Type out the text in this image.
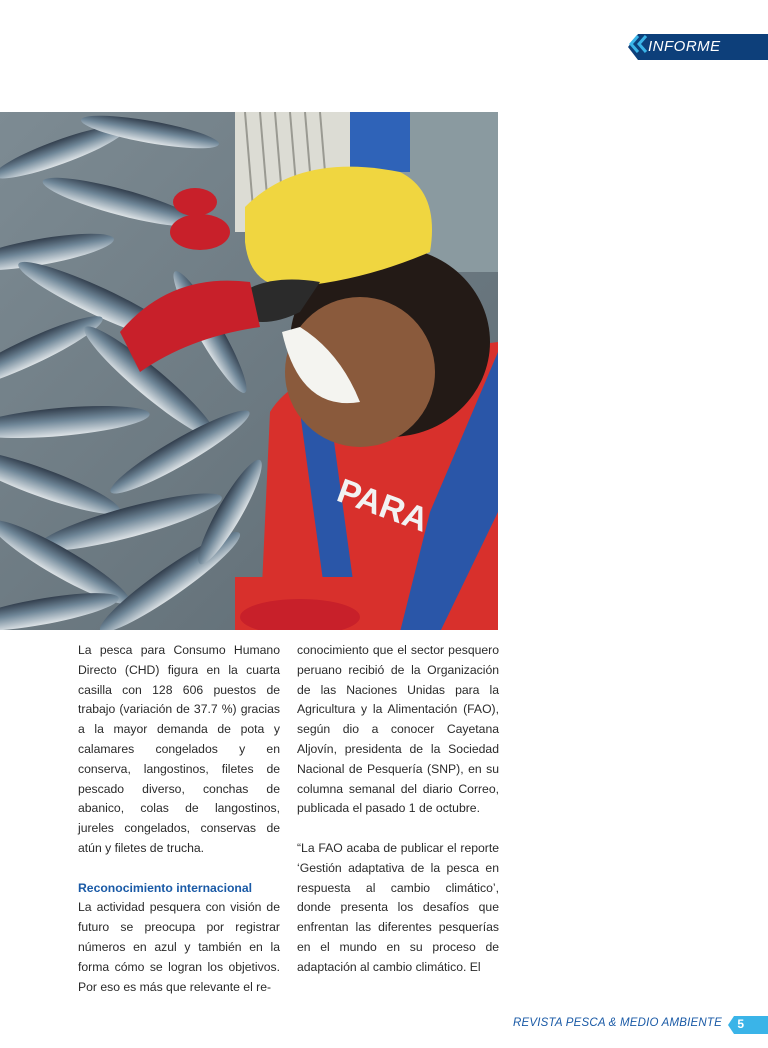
INFORME
PARA

La pesca para Consumo Humano Directo (CHD) figura en la cuarta casilla con 128 606 puestos de trabajo (variación de 37.7 %) gracias a la mayor demanda de pota y calamares congelados y en conserva, langostinos, filetes de pescado diverso, conchas de abanico, colas de langostinos, jureles congelados, conservas de atún y filetes de trucha.

Reconocimiento internacional

La actividad pesquera con visión de futuro se preocupa por registrar números en azul y también en la forma cómo se logran los objetivos. Por eso es más que relevante el re-

conocimiento que el sector pesquero peruano recibió de la Organización de las Naciones Unidas para la Agricultura y la Alimentación (FAO), según dio a conocer Cayetana Aljovín, presidenta de la Sociedad Nacional de Pesquería (SNP), en su columna semanal del diario Correo, publicada el pasado 1 de octubre.

“La FAO acaba de publicar el reporte ‘Gestión adaptativa de la pesca en respuesta al cambio climático’, donde presenta los desafíos que enfrentan las diferentes pesquerías en el mundo en su proceso de adaptación al cambio climático. El

REVISTA PESCA & MEDIO AMBIENTE 5
